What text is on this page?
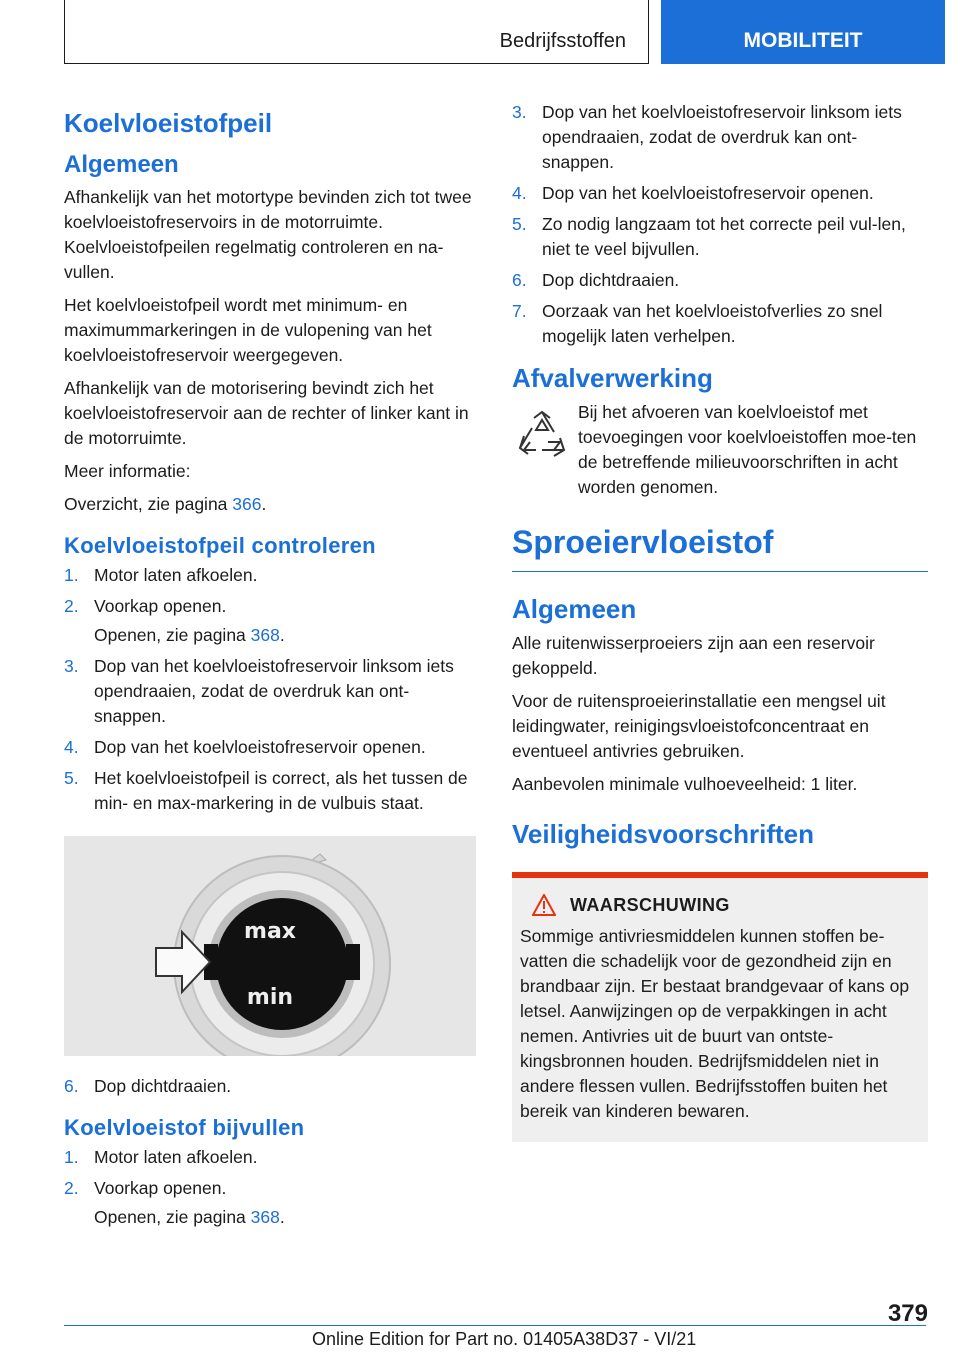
Bedrijfsstoffen	MOBILITEIT
Koelvloeistofpeil
Algemeen

Afhankelijk van het motortype bevinden zich tot twee koelvloeistofreservoirs in de motorruimte. Koelvloeistofpeilen regelmatig controleren en na-vullen.

Het koelvloeistofpeil wordt met minimum- en maximummarkeringen in de vulopening van het koelvloeistofreservoir weergegeven.

Afhankelijk van de motorisering bevindt zich het koelvloeistofreservoir aan de rechter of linker kant in de motorruimte.

Meer informatie:

Overzicht, zie pagina 366.

Koelvloeistofpeil controleren
1. Motor laten afkoelen.
2. Voorkap openen.
Openen, zie pagina 368.
3. Dop van het koelvloeistofreservoir linksom iets opendraaien, zodat de overdruk kan ont-snappen.
4. Dop van het koelvloeistofreservoir openen.
5. Het koelvloeistofpeil is correct, als het tussen de min- en max-markering in de vulbuis staat.
max
min
6. Dop dichtdraaien.
Koelvloeistof bijvullen
1. Motor laten afkoelen.
2. Voorkap openen.
Openen, zie pagina 368.
3. Dop van het koelvloeistofreservoir linksom iets opendraaien, zodat de overdruk kan ont-snappen.
4. Dop van het koelvloeistofreservoir openen.
5. Zo nodig langzaam tot het correcte peil vul-len, niet te veel bijvullen.
6. Dop dichtdraaien.
7. Oorzaak van het koelvloeistofverlies zo snel mogelijk laten verhelpen.
Afvalverwerking

Bij het afvoeren van koelvloeistof met toevoegingen voor koelvloeistoffen moe-ten de betreffende milieuvoorschriften in acht worden genomen.

Sproeiervloeistof
Algemeen

Alle ruitenwisserproeiers zijn aan een reservoir gekoppeld.

Voor de ruitensproeierinstallatie een mengsel uit leidingwater, reinigingsvloeistofconcentraat en eventueel antivries gebruiken.

Aanbevolen minimale vulhoeveelheid: 1 liter.

Veiligheidsvoorschriften
WAARSCHUWING

Sommige antivriesmiddelen kunnen stoffen be-vatten die schadelijk voor de gezondheid zijn en brandbaar zijn. Er bestaat brandgevaar of kans op letsel. Aanwijzingen op de verpakkingen in acht nemen. Antivries uit de buurt van ontste-kingsbronnen houden. Bedrijfsmiddelen niet in andere flessen vullen. Bedrijfsstoffen buiten het bereik van kinderen bewaren.

379
Online Edition for Part no. 01405A38D37 - VI/21
